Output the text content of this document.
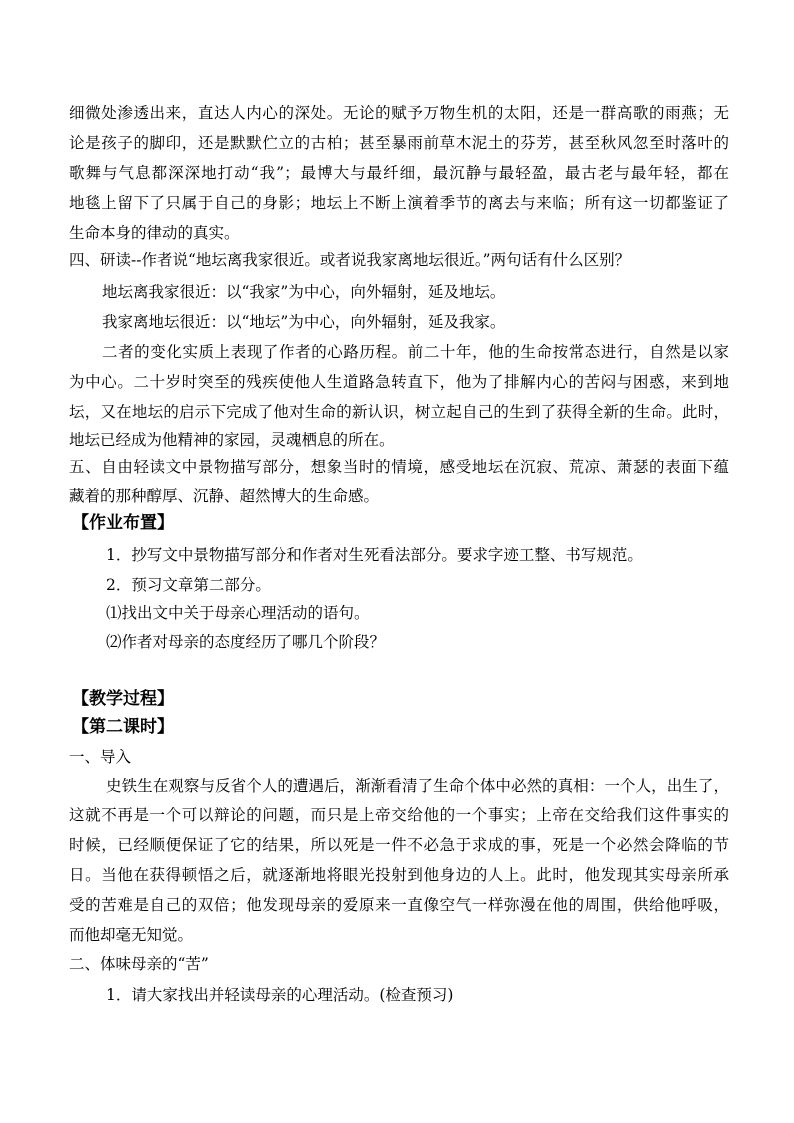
细微处渗透出来，直达人内心的深处。无论的赋予万物生机的太阳，还是一群高歌的雨燕；无
论是孩子的脚印，还是默默伫立的古柏；甚至暴雨前草木泥土的芬芳，甚至秋风忽至时落叶的
歌舞与气息都深深地打动“我”；最博大与最纤细，最沉静与最轻盈，最古老与最年轻，都在
地毯上留下了只属于自己的身影；地坛上不断上演着季节的离去与来临；所有这一切都鉴证了
生命本身的律动的真实。
四、研读--作者说“地坛离我家很近。或者说我家离地坛很近。”两句话有什么区别？
地坛离我家很近：以“我家”为中心，向外辐射，延及地坛。
我家离地坛很近：以“地坛”为中心，向外辐射，延及我家。
二者的变化实质上表现了作者的心路历程。前二十年，他的生命按常态进行，自然是以家
为中心。二十岁时突至的残疾使他人生道路急转直下，他为了排解内心的苦闷与困惑，来到地
坛，又在地坛的启示下完成了他对生命的新认识，树立起自己的生到了获得全新的生命。此时，
地坛已经成为他精神的家园，灵魂栖息的所在。
五、自由轻读文中景物描写部分，想象当时的情境，感受地坛在沉寂、荒凉、萧瑟的表面下蕴
藏着的那种醇厚、沉静、超然博大的生命感。
【作业布置】
1．抄写文中景物描写部分和作者对生死看法部分。要求字迹工整、书写规范。
2．预习文章第二部分。
⑴找出文中关于母亲心理活动的语句。
⑵作者对母亲的态度经历了哪几个阶段？
【教学过程】
【第二课时】
一、导入
史铁生在观察与反省个人的遭遇后，渐渐看清了生命个体中必然的真相：一个人，出生了，
这就不再是一个可以辩论的问题，而只是上帝交给他的一个事实；上帝在交给我们这件事实的
时候，已经顺便保证了它的结果，所以死是一件不必急于求成的事，死是一个必然会降临的节
日。当他在获得顿悟之后，就逐渐地将眼光投射到他身边的人上。此时，他发现其实母亲所承
受的苦难是自己的双倍；他发现母亲的爱原来一直像空气一样弥漫在他的周围，供给他呼吸，
而他却毫无知觉。
二、体味母亲的“苦”
1．请大家找出并轻读母亲的心理活动。(检查预习)
